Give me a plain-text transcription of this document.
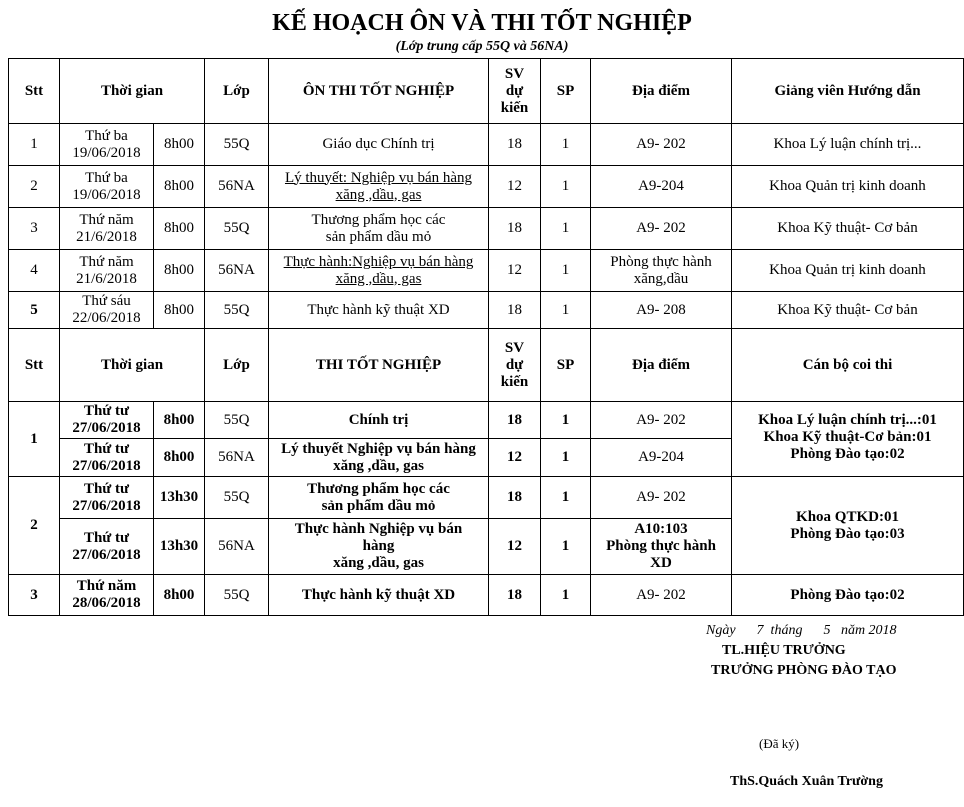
KẾ HOẠCH ÔN VÀ THI TỐT NGHIỆP
(Lớp trung cấp 55Q và 56NA)
Stt	Thời gian		Lớp	ÔN THI TỐT NGHIỆP	SV
dự
kiến	SP	Địa điểm	Giảng viên Hướng dẫn
1	Thứ ba
19/06/2018	8h00	55Q	Giáo dục Chính trị	18	1	A9- 202	Khoa Lý luận chính trị...
2	Thứ ba
19/06/2018	8h00	56NA	Lý thuyết: Nghiệp vụ bán hàng
xăng ,dầu, gas	12	1	A9-204	Khoa Quản trị kinh doanh
3	Thứ năm
21/6/2018	8h00	55Q	Thương phẩm học các
sản phẩm dầu mỏ	18	1	A9- 202	Khoa Kỹ thuật- Cơ bản
4	Thứ năm
21/6/2018	8h00	56NA	Thực hành:Nghiệp vụ bán hàng
xăng ,dầu, gas	12	1	Phòng thực hành
xăng,dầu	Khoa Quản trị kinh doanh
5	Thứ sáu
22/06/2018	8h00	55Q	Thực hành kỹ thuật XD	18	1	A9- 208	Khoa Kỹ thuật- Cơ bản
Stt	Thời gian		Lớp	THI TỐT NGHIỆP	SV
dự
kiến	SP	Địa điểm	Cán bộ coi thi
1	Thứ tư
27/06/2018	8h00	55Q	Chính trị	18	1	A9- 202	Khoa Lý luận chính trị...:01
Khoa Kỹ thuật-Cơ bản:01
Phòng Đào tạo:02
	Thứ tư
27/06/2018	8h00	56NA	Lý thuyết Nghiệp vụ bán hàng
xăng ,dầu, gas	12	1	A9-204	
2	Thứ tư
27/06/2018	13h30	55Q	Thương phẩm học các
sản phẩm dầu mỏ	18	1	A9- 202	Khoa QTKD:01
Phòng Đào tạo:03
	Thứ tư
27/06/2018	13h30	56NA	Thực hành Nghiệp vụ bán
hàng
xăng ,dầu, gas	12	1	A10:103
Phòng thực hành
XD	
3	Thứ năm
28/06/2018	8h00	55Q	Thực hành kỹ thuật XD	18	1	A9- 202	Phòng Đào tạo:02
Ngày      7  tháng      5   năm 2018
TL.HIỆU TRƯỞNG
TRƯỞNG PHÒNG ĐÀO TẠO
(Đã ký)
ThS.Quách Xuân Trường
